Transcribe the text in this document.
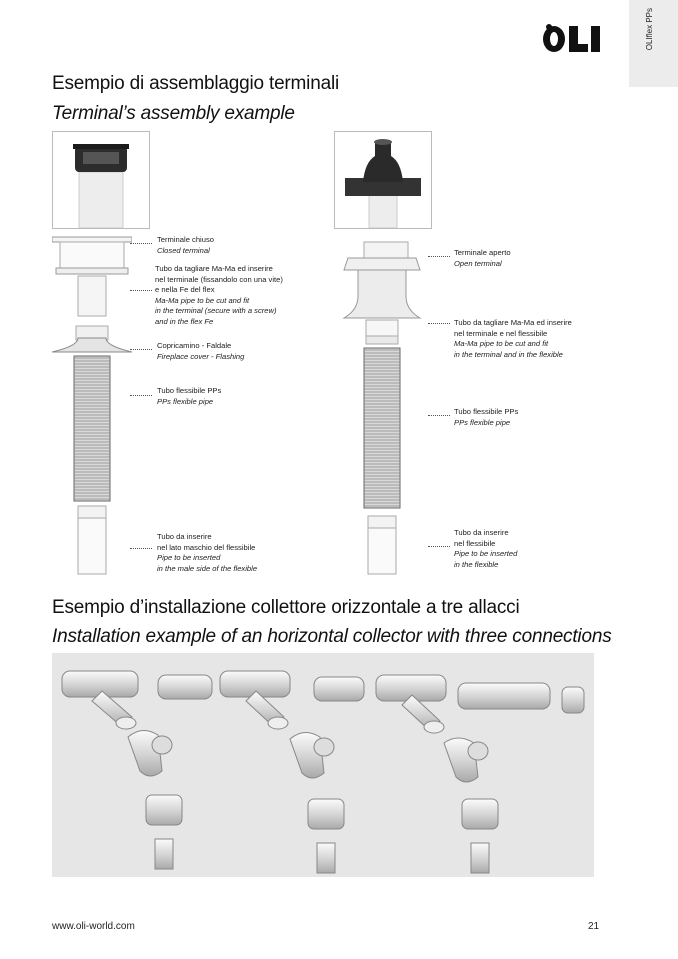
OLIflex PPs
Esempio di assemblaggio terminali
Terminal’s assembly example
Terminale chiuso
Closed terminal
Tubo da tagliare Ma-Ma ed inserire
nel terminale (fissandolo con una vite)
e nella Fe del flex
Ma-Ma pipe to be cut and fit
in the terminal (secure with a screw)
and in the flex Fe
Copricamino - Faldale
Fireplace cover - Flashing
Tubo flessibile PPs
PPs flexible pipe
Tubo da inserire
nel lato maschio del flessibile
Pipe to be inserted
in the male side of the flexible
Terminale aperto
Open terminal
Tubo da tagliare Ma-Ma ed inserire
nel terminale e nel flessibile
Ma-Ma pipe to be cut and fit
in the terminal and in the flexible
Tubo flessibile PPs
PPs flexible pipe
Tubo da inserire
nel flessibile
Pipe to be inserted
in the flexible
Esempio d’installazione collettore orizzontale a tre allacci
Installation example of an horizontal collector with three connections
www.oli-world.com	21
